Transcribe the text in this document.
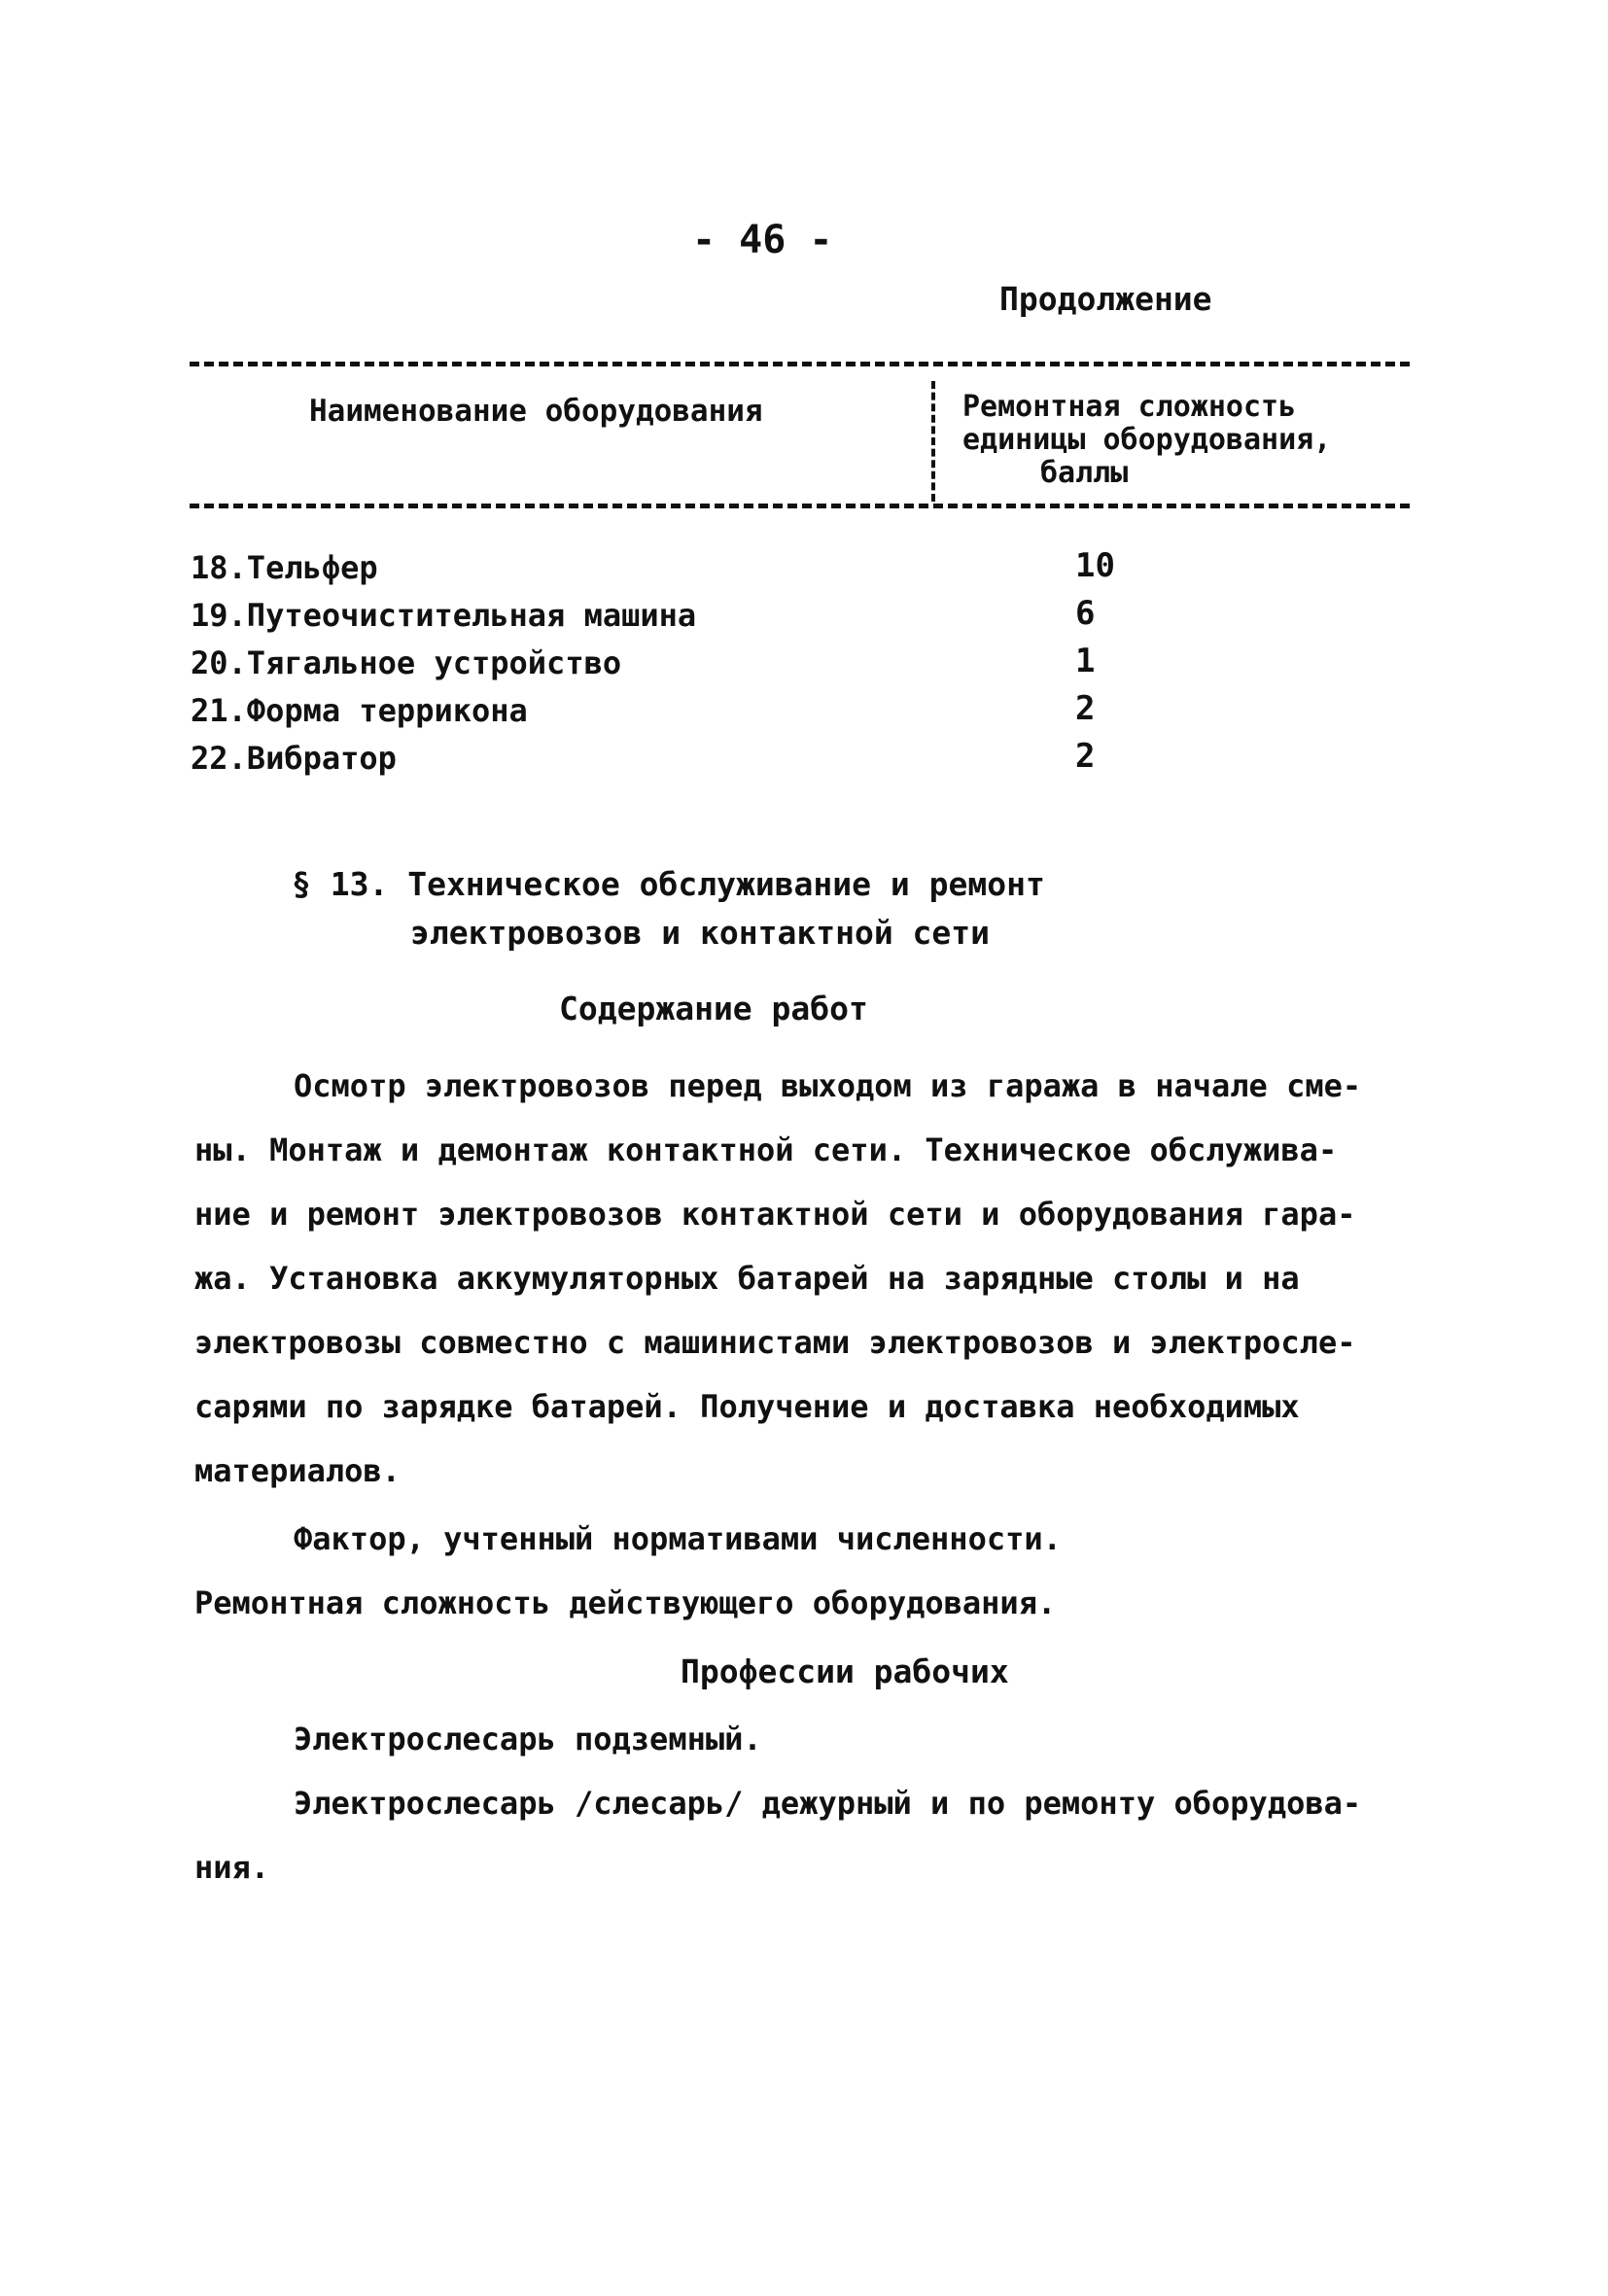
- 46 -
Продолжение
Наименование оборудования	Ремонтная сложность
единицы оборудования,
баллы
18.Тельфер	10
19.Путеочистительная машина	6
20.Тягальное устройство	1
21.Форма терриконa	2
22.Вибратор	2
§ 13. Техническое обслуживание и ремонт
электровозов и контактной сети
Содержание работ
Осмотр электровозов перед выходом из гаража в начале сме-
ны. Монтаж и демонтаж контактной сети. Техническое обслужива-
ние и ремонт электровозов контактной сети и оборудования гара-
жа. Установка аккумуляторных батарей на зарядные столы и на
электровозы совместно с машинистами электровозов и электросле-
сарями по зарядке батарей. Получение и доставка необходимых
материалов.
Фактор, учтенный нормативами численности.
Ремонтная сложность действующего оборудования.
Профессии рабочих
Электрослесарь подземный.
Электрослесарь /слесарь/ дежурный и по ремонту оборудова-
ния.
